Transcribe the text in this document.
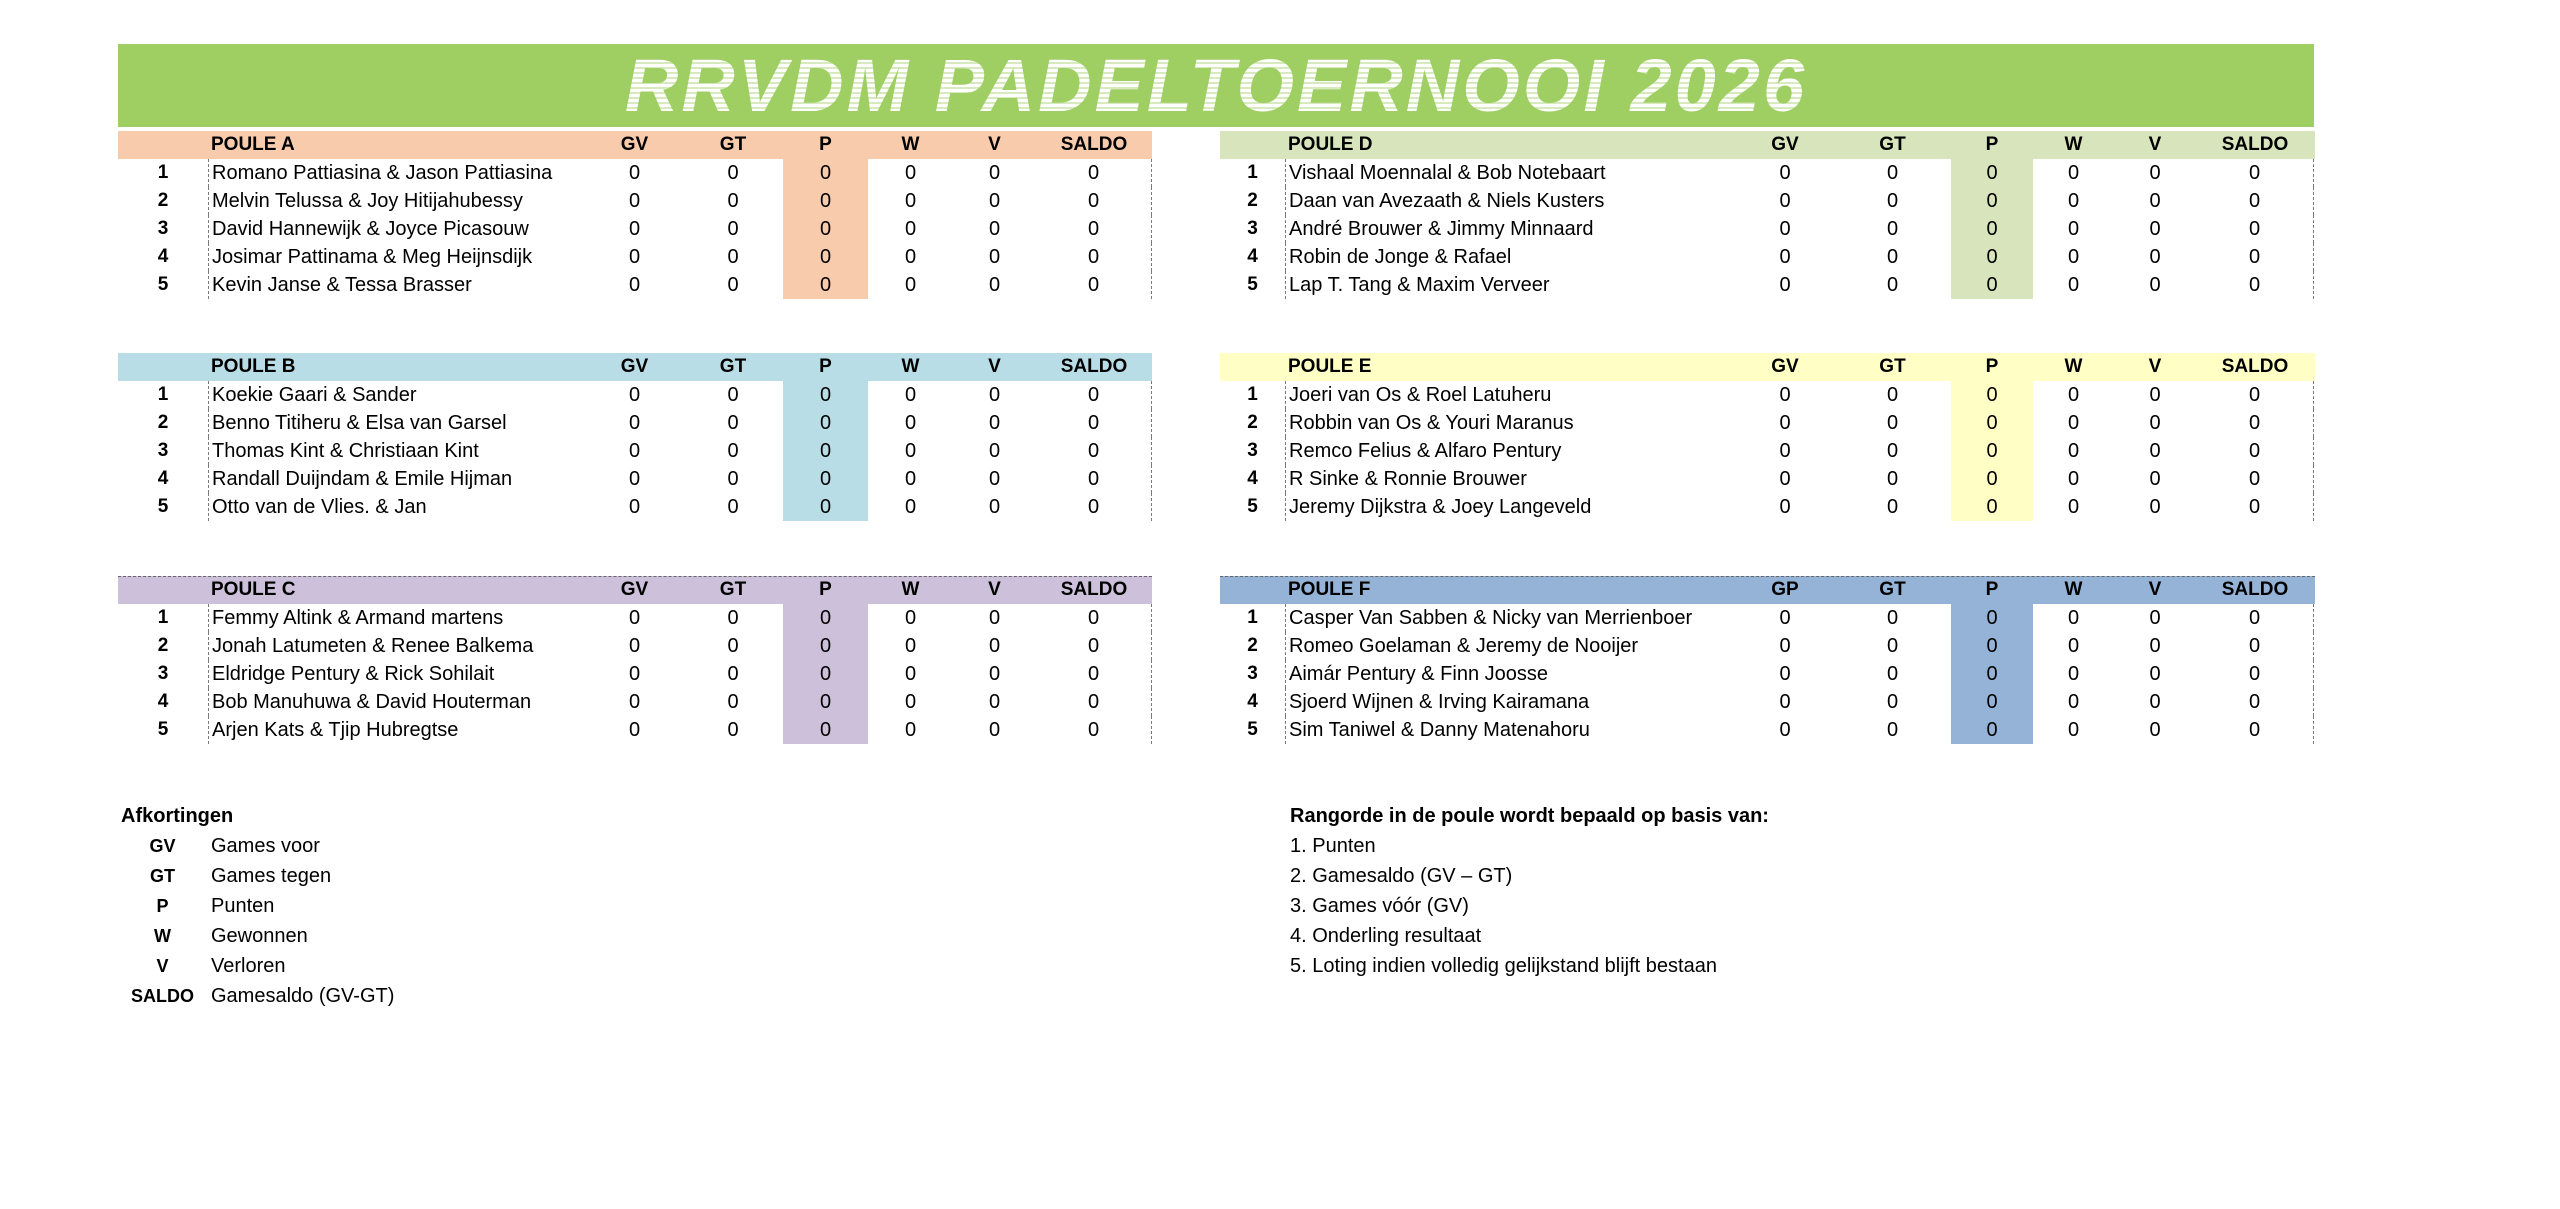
RRVDM PADELTOERNOOI 2026
POULE A	GV	GT	P	W	V	SALDO
1	Romano Pattiasina & Jason Pattiasina	0	0	0	0	0	0
2	Melvin Telussa & Joy Hitijahubessy	0	0	0	0	0	0
3	David Hannewijk & Joyce Picasouw	0	0	0	0	0	0
4	Josimar Pattinama & Meg Heijnsdijk	0	0	0	0	0	0
5	Kevin Janse & Tessa Brasser	0	0	0	0	0	0
POULE B	GV	GT	P	W	V	SALDO
1	Koekie Gaari & Sander	0	0	0	0	0	0
2	Benno Titiheru & Elsa van Garsel	0	0	0	0	0	0
3	Thomas Kint & Christiaan Kint	0	0	0	0	0	0
4	Randall Duijndam & Emile Hijman	0	0	0	0	0	0
5	Otto van de Vlies. & Jan	0	0	0	0	0	0
POULE C	GV	GT	P	W	V	SALDO
1	Femmy Altink & Armand martens	0	0	0	0	0	0
2	Jonah Latumeten & Renee Balkema	0	0	0	0	0	0
3	Eldridge Pentury & Rick Sohilait	0	0	0	0	0	0
4	Bob Manuhuwa & David Houterman	0	0	0	0	0	0
5	Arjen Kats & Tjip Hubregtse	0	0	0	0	0	0
POULE D	GV	GT	P	W	V	SALDO
1	Vishaal Moennalal & Bob Notebaart	0	0	0	0	0	0
2	Daan van Avezaath & Niels Kusters	0	0	0	0	0	0
3	André Brouwer & Jimmy Minnaard	0	0	0	0	0	0
4	Robin de Jonge & Rafael	0	0	0	0	0	0
5	Lap T. Tang & Maxim Verveer	0	0	0	0	0	0
POULE E	GV	GT	P	W	V	SALDO
1	Joeri van Os & Roel Latuheru	0	0	0	0	0	0
2	Robbin van Os & Youri Maranus	0	0	0	0	0	0
3	Remco Felius & Alfaro Pentury	0	0	0	0	0	0
4	R Sinke & Ronnie Brouwer	0	0	0	0	0	0
5	Jeremy Dijkstra & Joey Langeveld	0	0	0	0	0	0
POULE F	GP	GT	P	W	V	SALDO
1	Casper Van Sabben & Nicky van Merrienboer	0	0	0	0	0	0
2	Romeo Goelaman & Jeremy de Nooijer	0	0	0	0	0	0
3	Aimár Pentury & Finn Joosse	0	0	0	0	0	0
4	Sjoerd Wijnen & Irving Kairamana	0	0	0	0	0	0
5	Sim Taniwel & Danny Matenahoru	0	0	0	0	0	0
Afkortingen
GV	Games voor
GT	Games tegen
P	Punten
W	Gewonnen
V	Verloren
SALDO Gamesaldo (GV-GT)
Rangorde in de poule wordt bepaald op basis van:
1. Punten
2. Gamesaldo (GV – GT)
3. Games vóór (GV)
4. Onderling resultaat
5. Loting indien volledig gelijkstand blijft bestaan
